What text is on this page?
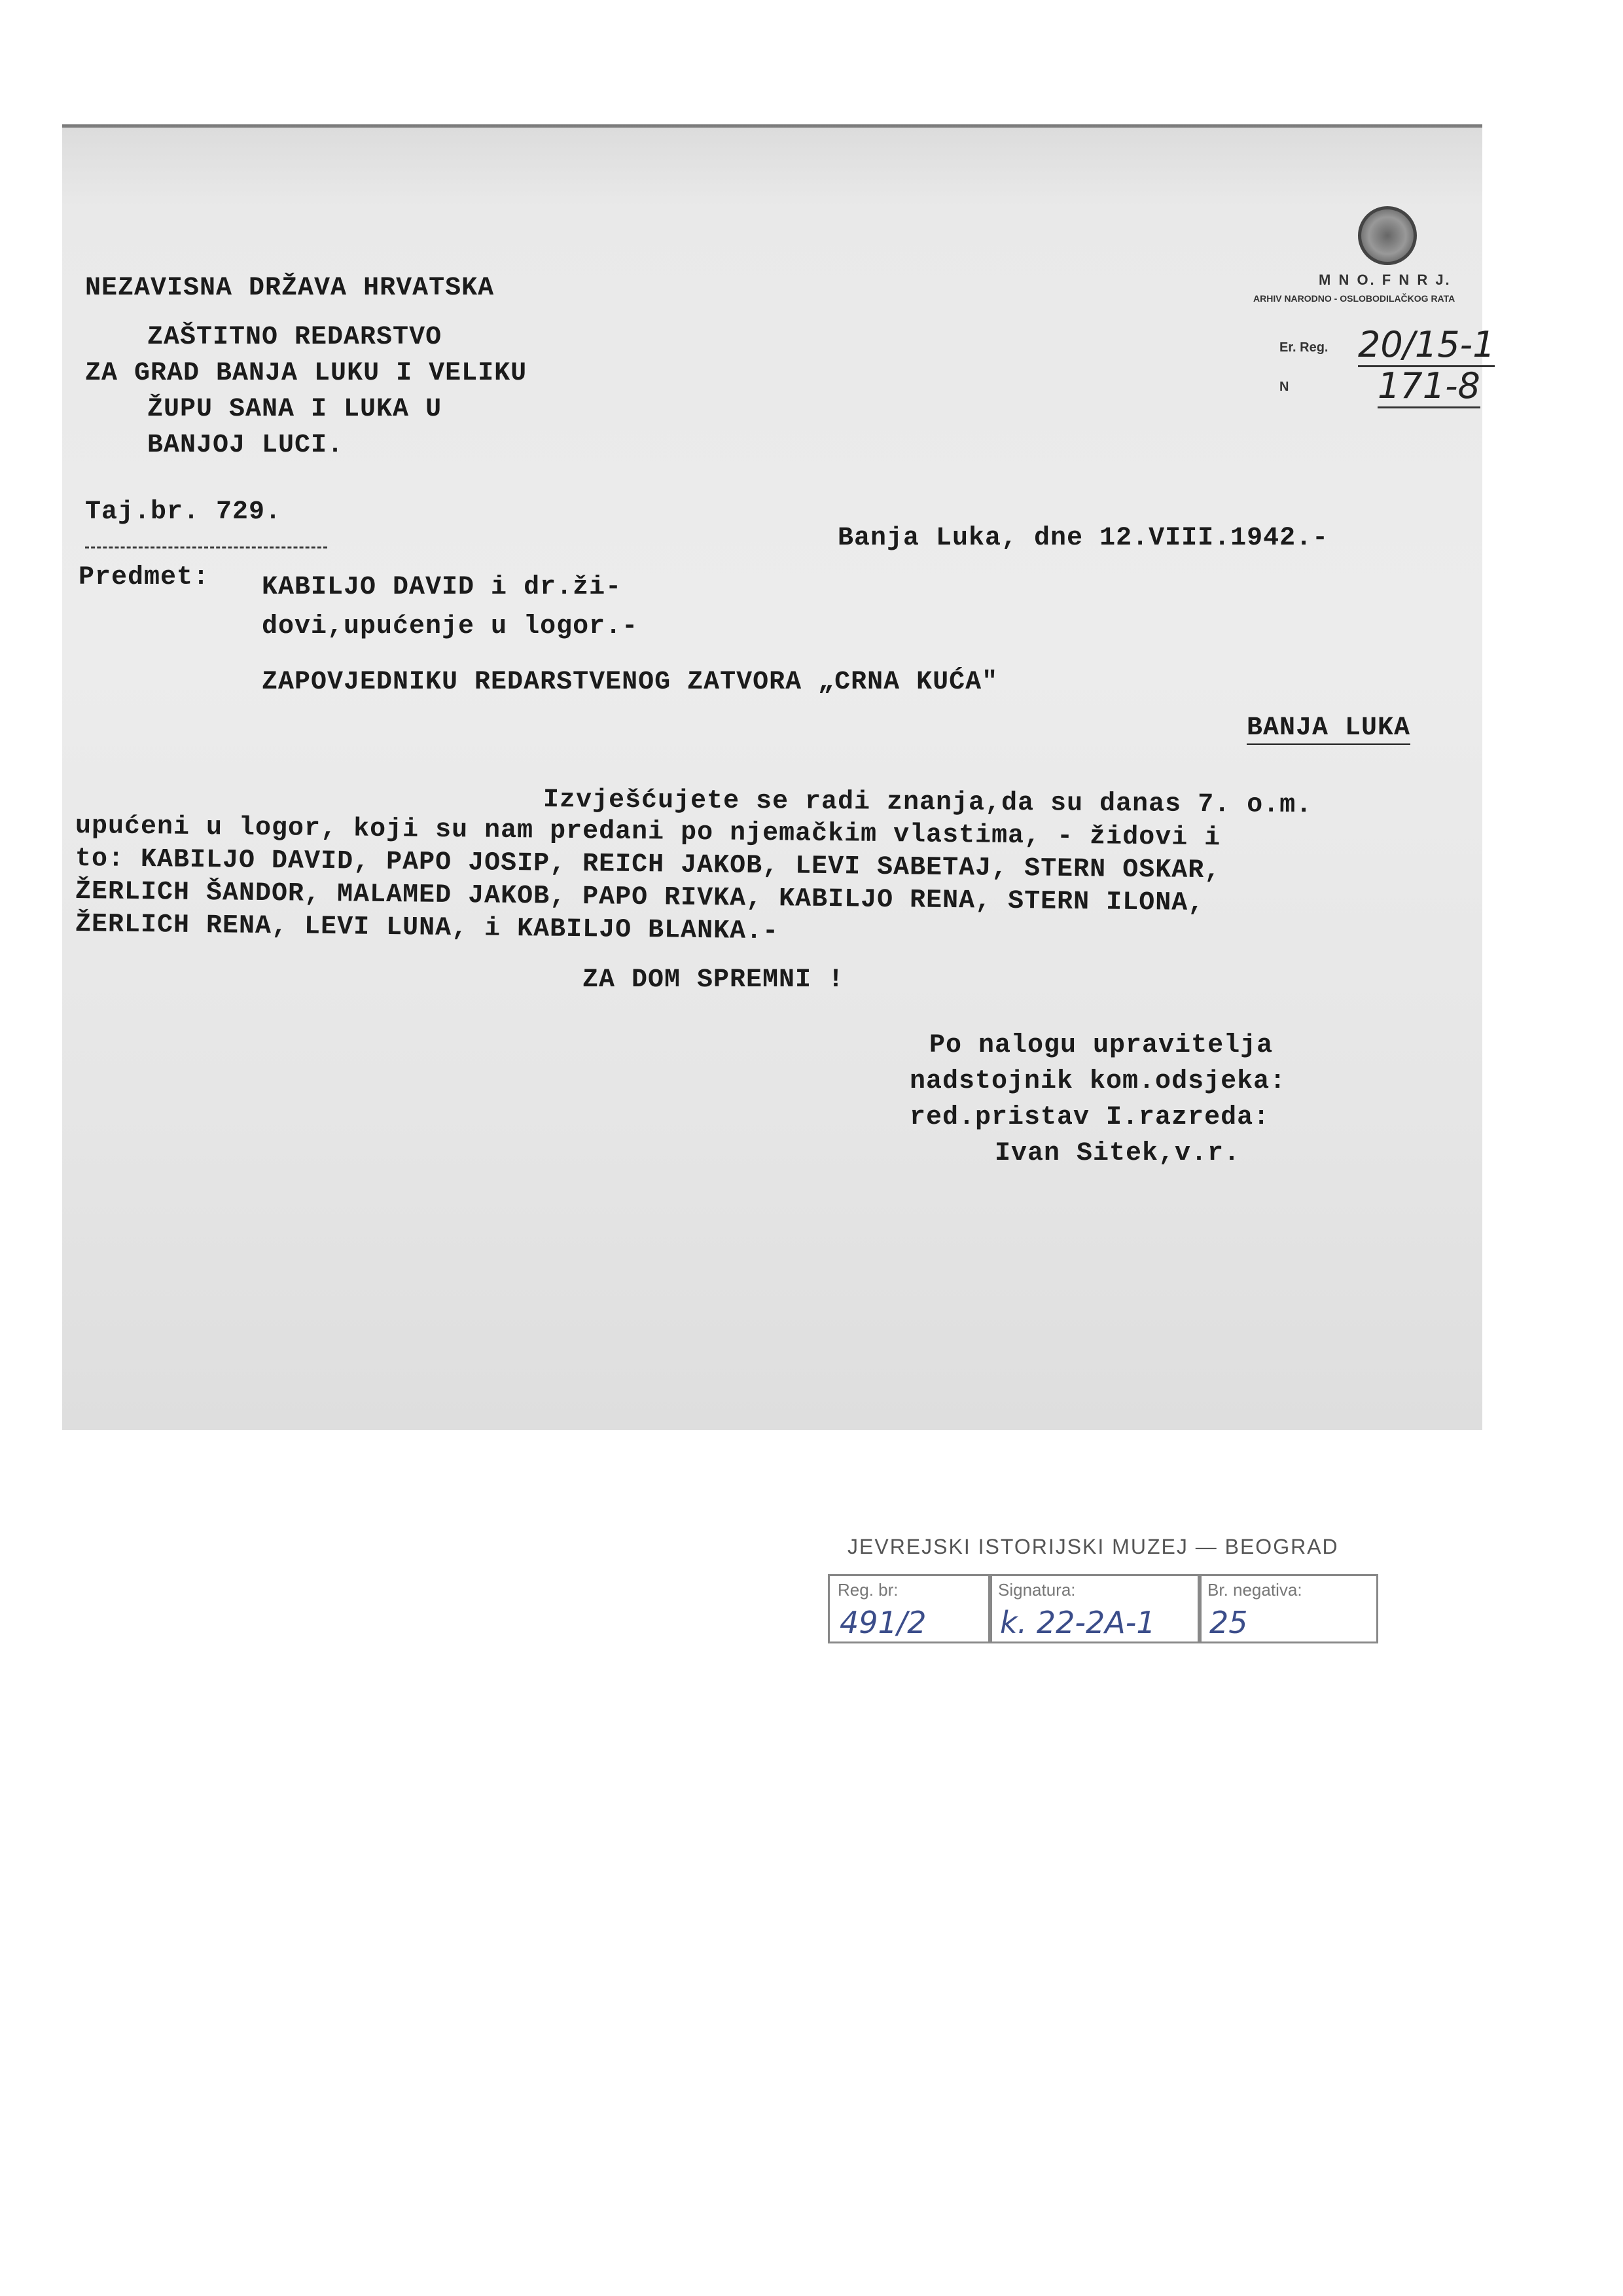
NEZAVISNA DRŽAVA HRVATSKA
ZAŠTITNO REDARSTVO
ZA GRAD BANJA LUKU I VELIKU
ŽUPU SANA I LUKA U
BANJOJ LUCI.
M N O. F N R J.
ARHIV NARODNO - OSLOBODILAČKOG RATA
Er. Reg. 20/15-1
N	171-8
Taj.br. 729.
Banja Luka, dne 12.VIII.1942.-
Predmet: KABILJO DAVID i dr.ži-
dovi,upućenje u logor.-
ZAPOVJEDNIKU REDARSTVENOG ZATVORA „CRNA KUĆA"
BANJA LUKA
Izvješćujete se radi znanja,da su danas 7. o.m.
upućeni u logor, koji su nam predani po njemačkim vlastima, - židovi i
to: KABILJO DAVID, PAPO JOSIP, REICH JAKOB, LEVI SABETAJ, STERN OSKAR,
ŽERLICH ŠANDOR, MALAMED JAKOB, PAPO RIVKA, KABILJO RENA, STERN ILONA,
ŽERLICH RENA, LEVI LUNA, i KABILJO BLANKA.-
ZA DOM SPREMNI !
Po nalogu upravitelja
nadstojnik kom.odsjeka:
red.pristav I.razreda:
Ivan Sitek,v.r.
JEVREJSKI ISTORIJSKI MUZEJ — BEOGRAD
Reg. br:
491/2
Signatura:
k. 22-2A-1
Br. negativa:
25
